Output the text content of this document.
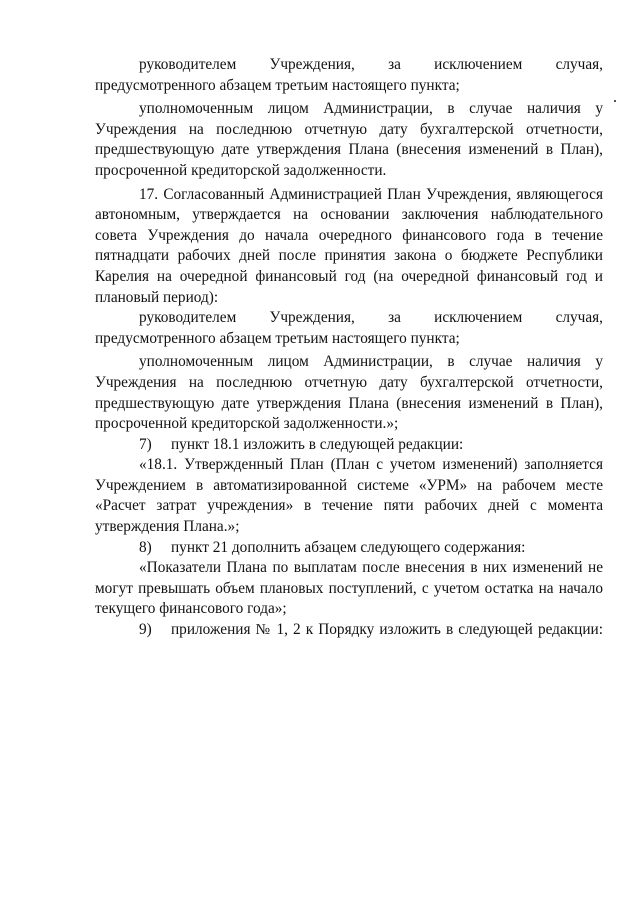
руководителем Учреждения, за исключением случая, предусмотренного абзацем третьим настоящего пункта;

уполномоченным лицом Администрации, в случае наличия у Учреждения на последнюю отчетную дату бухгалтерской отчетности, предшествующую дате утверждения Плана (внесения изменений в План), просроченной кредиторской задолженности.

17. Согласованный Администрацией План Учреждения, являющегося автономным, утверждается на основании заключения наблюдательного совета Учреждения до начала очередного финансового года в течение пятнадцати рабочих дней после принятия закона о бюджете Республики Карелия на очередной финансовый год (на очередной финансовый год и плановый период):

руководителем Учреждения, за исключением случая, предусмотренного абзацем третьим настоящего пункта;

уполномоченным лицом Администрации, в случае наличия у Учреждения на последнюю отчетную дату бухгалтерской отчетности, предшествующую дате утверждения Плана (внесения изменений в План), просроченной кредиторской задолженности.»;

7) пункт 18.1 изложить в следующей редакции:

«18.1. Утвержденный План (План с учетом изменений) заполняется Учреждением в автоматизированной системе «УРМ» на рабочем месте «Расчет затрат учреждения» в течение пяти рабочих дней с момента утверждения Плана.»;

8) пункт 21 дополнить абзацем следующего содержания:

«Показатели Плана по выплатам после внесения в них изменений не могут превышать объем плановых поступлений, с учетом остатка на начало текущего финансового года»;

9) приложения № 1, 2 к Порядку изложить в следующей редакции:
